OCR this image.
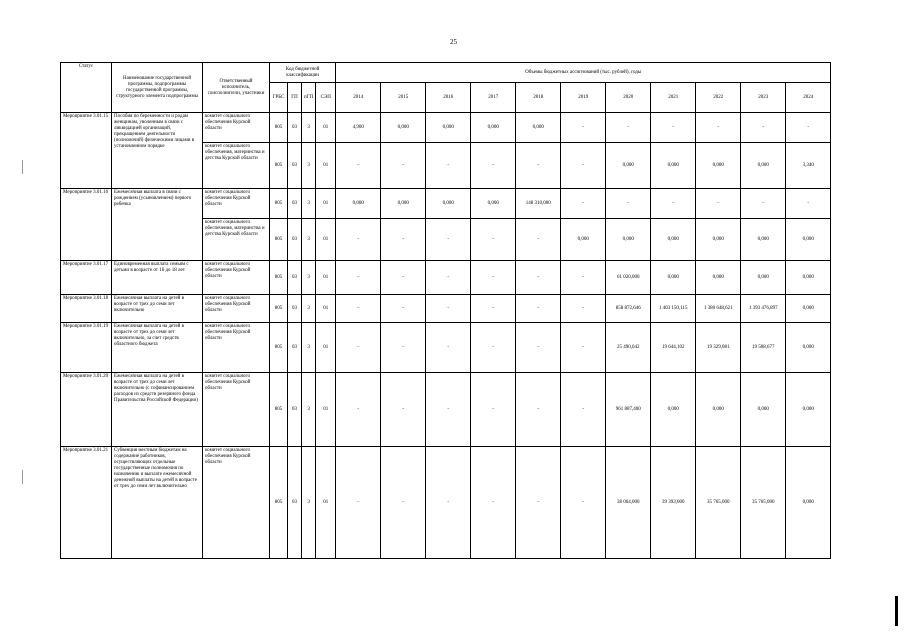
25
Статус	Наименование государственной программы, подпрограммы государственной программы, структурного элемента подпрограммы	Ответственный исполнитель, соисполнители, участники	Код бюджетной классификации				Объемы бюджетных ассигнований (тыс. рублей), годы										
			ГРБС	ГП	пГП	СЭП	2014	2015	2016	2017	2018	2019	2020	2021	2022	2023	2024
Мероприятие 3.01.15	Пособия по беременности и родам женщинам, уволенным в связи с ликвидацией организаций, прекращением деятельности (полномочий) физическими лицами в установленном порядке	комитет социального обеспечения Курской области	805	03	3	01	4,900	0,000	0,000	0,000	0,000	-	-	-	-	-	-
		комитет социального обеспечения, материнства и детства Курской области	805	03	3	01	-	-	-	-	-	-	0,000	0,000	0,000	0,000	3,340
Мероприятие 3.01.16	Ежемесячная выплата в связи с рождением (усыновлением) первого ребенка	комитет социального обеспечения Курской области	805	03	3	01	0,000	0,000	0,000	0,000	148 310,000	-	-	-	-	-	-
		комитет социального обеспечения, материнства и детства Курской области	805	03	3	01	-	-	-	-	-	0,000	0,000	0,000	0,000	0,000	0,000
Мероприятие 3.01.17	Единовременная выплата семьям с детьми в возрасте от 16 до 18 лет	комитет социального обеспечения Курской области	805	03	3	01	-	-	-	-	-	-	61 020,000	0,000	0,000	0,000	0,000
Мероприятие 3.01.18	Ежемесячная выплата на детей в возрасте от трех до семи лет включительно	комитет социального обеспечения Курской области	805	03	3	01	-	-	-	-	-	-	858 872,646	1 403 150,115	1 380 648,621	1 393 476,897	0,000
Мероприятие 3.01.19	Ежемесячная выплата на детей в возрасте от трех до семи лет включительно, за счет средств областного бюджета	комитет социального обеспечения Курской области	805	03	3	01	-	-	-	-	-	-	25 490,642	19 644,102	19 329,081	19 508,677	0,000
Мероприятие 3.01.20	Ежемесячная выплата на детей в возрасте от трех до семи лет включительно (с софинансированием расходов из средств резервного фонда Правительства Российской Федерации)	комитет социального обеспечения Курской области	805	03	3	01	-	-	-	-	-	-	961 887,400	0,000	0,000	0,000	0,000
Мероприятие 3.01.21	Субвенция местным бюджетам на содержание работников, осуществляющих отдельные государственные полномочия по назначению и выплате ежемесячной денежной выплаты на детей в возрасте от трех до семи лет включительно	комитет социального обеспечения Курской области	805	03	3	01	-	-	-	-	-	-	38 064,000	39 393,000	35 765,000	35 765,000	0,000
